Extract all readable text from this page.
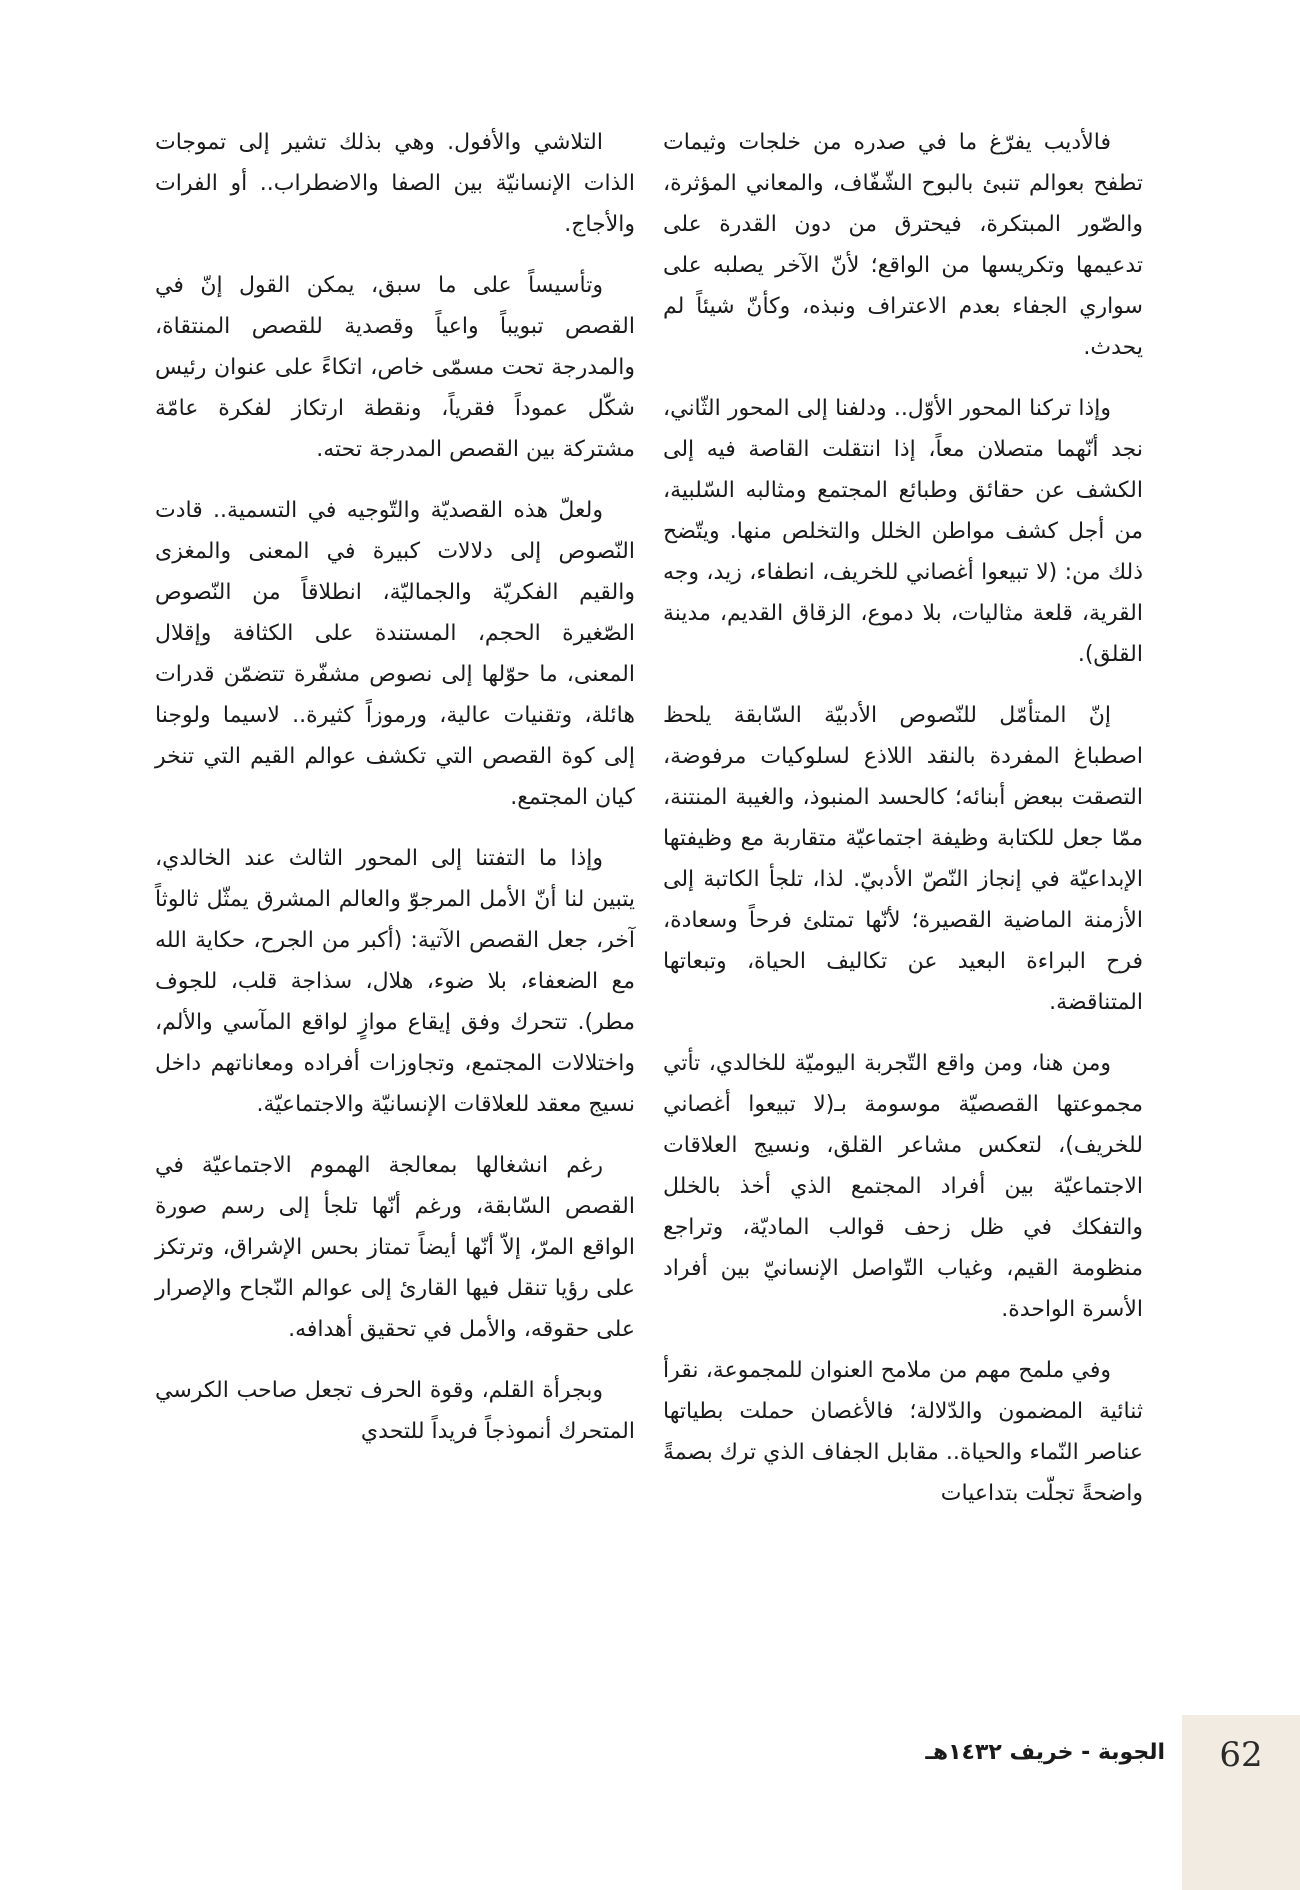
فالأديب يفرّغ ما في صدره من خلجات وثيمات تطفح بعوالم تنبئ بالبوح الشّفّاف، والمعاني المؤثرة، والصّور المبتكرة، فيحترق من دون القدرة على تدعيمها وتكريسها من الواقع؛ لأنّ الآخر يصلبه على سواري الجفاء بعدم الاعتراف ونبذه، وكأنّ شيئاً لم يحدث.

وإذا تركنا المحور الأوّل.. ودلفنا إلى المحور الثّاني، نجد أنّهما متصلان معاً، إذا انتقلت القاصة فيه إلى الكشف عن حقائق وطبائع المجتمع ومثالبه السّلبية، من أجل كشف مواطن الخلل والتخلص منها. ويتّضح ذلك من: (لا تبيعوا أغصاني للخريف، انطفاء، زيد، وجه القرية، قلعة مثاليات، بلا دموع، الزقاق القديم، مدينة القلق).

إنّ المتأمّل للنّصوص الأدبيّة السّابقة يلحظ اصطباغ المفردة بالنقد اللاذع لسلوكيات مرفوضة، التصقت ببعض أبنائه؛ كالحسد المنبوذ، والغيبة المنتنة، ممّا جعل للكتابة وظيفة اجتماعيّة متقاربة مع وظيفتها الإبداعيّة في إنجاز النّصّ الأدبيّ. لذا، تلجأ الكاتبة إلى الأزمنة الماضية القصيرة؛ لأنّها تمتلئ فرحاً وسعادة، فرح البراءة البعيد عن تكاليف الحياة، وتبعاتها المتناقضة.

ومن هنا، ومن واقع التّجربة اليوميّة للخالدي، تأتي مجموعتها القصصيّة موسومة بـ(لا تبيعوا أغصاني للخريف)، لتعكس مشاعر القلق، ونسيج العلاقات الاجتماعيّة بين أفراد المجتمع الذي أخذ بالخلل والتفكك في ظل زحف قوالب الماديّة، وتراجع منظومة القيم، وغياب التّواصل الإنسانيّ بين أفراد الأسرة الواحدة.

وفي ملمح مهم من ملامح العنوان للمجموعة، نقرأ ثنائية المضمون والدّلالة؛ فالأغصان حملت بطياتها عناصر النّماء والحياة.. مقابل الجفاف الذي ترك بصمةً واضحةً تجلّت بتداعيات

التلاشي والأفول. وهي بذلك تشير إلى تموجات الذات الإنسانيّة بين الصفا والاضطراب.. أو الفرات والأجاج.

وتأسيساً على ما سبق، يمكن القول إنّ في القصص تبويباً واعياً وقصدية للقصص المنتقاة، والمدرجة تحت مسمّى خاص، اتكاءً على عنوان رئيس شكّل عموداً فقرياً، ونقطة ارتكاز لفكرة عامّة مشتركة بين القصص المدرجة تحته.

ولعلّ هذه القصديّة والتّوجيه في التسمية.. قادت النّصوص إلى دلالات كبيرة في المعنى والمغزى والقيم الفكريّة والجماليّة، انطلاقاً من النّصوص الصّغيرة الحجم، المستندة على الكثافة وإقلال المعنى، ما حوّلها إلى نصوص مشفّرة تتضمّن قدرات هائلة، وتقنيات عالية، ورموزاً كثيرة.. لاسيما ولوجنا إلى كوة القصص التي تكشف عوالم القيم التي تنخر كيان المجتمع.

وإذا ما التفتنا إلى المحور الثالث عند الخالدي، يتبين لنا أنّ الأمل المرجوّ والعالم المشرق يمثّل ثالوثاً آخر، جعل القصص الآتية: (أكبر من الجرح، حكاية الله مع الضعفاء، بلا ضوء، هلال، سذاجة قلب، للجوف مطر). تتحرك وفق إيقاع موازٍ لواقع المآسي والألم، واختلالات المجتمع، وتجاوزات أفراده ومعاناتهم داخل نسيج معقد للعلاقات الإنسانيّة والاجتماعيّة.

رغم انشغالها بمعالجة الهموم الاجتماعيّة في القصص السّابقة، ورغم أنّها تلجأ إلى رسم صورة الواقع المرّ، إلاّ أنّها أيضاً تمتاز بحس الإشراق، وترتكز على رؤيا تنقل فيها القارئ إلى عوالم النّجاح والإصرار على حقوقه، والأمل في تحقيق أهدافه.

وبجرأة القلم، وقوة الحرف تجعل صاحب الكرسي المتحرك أنموذجاً فريداً للتحدي

62
الجوبة - خريف ١٤٣٢هـ
